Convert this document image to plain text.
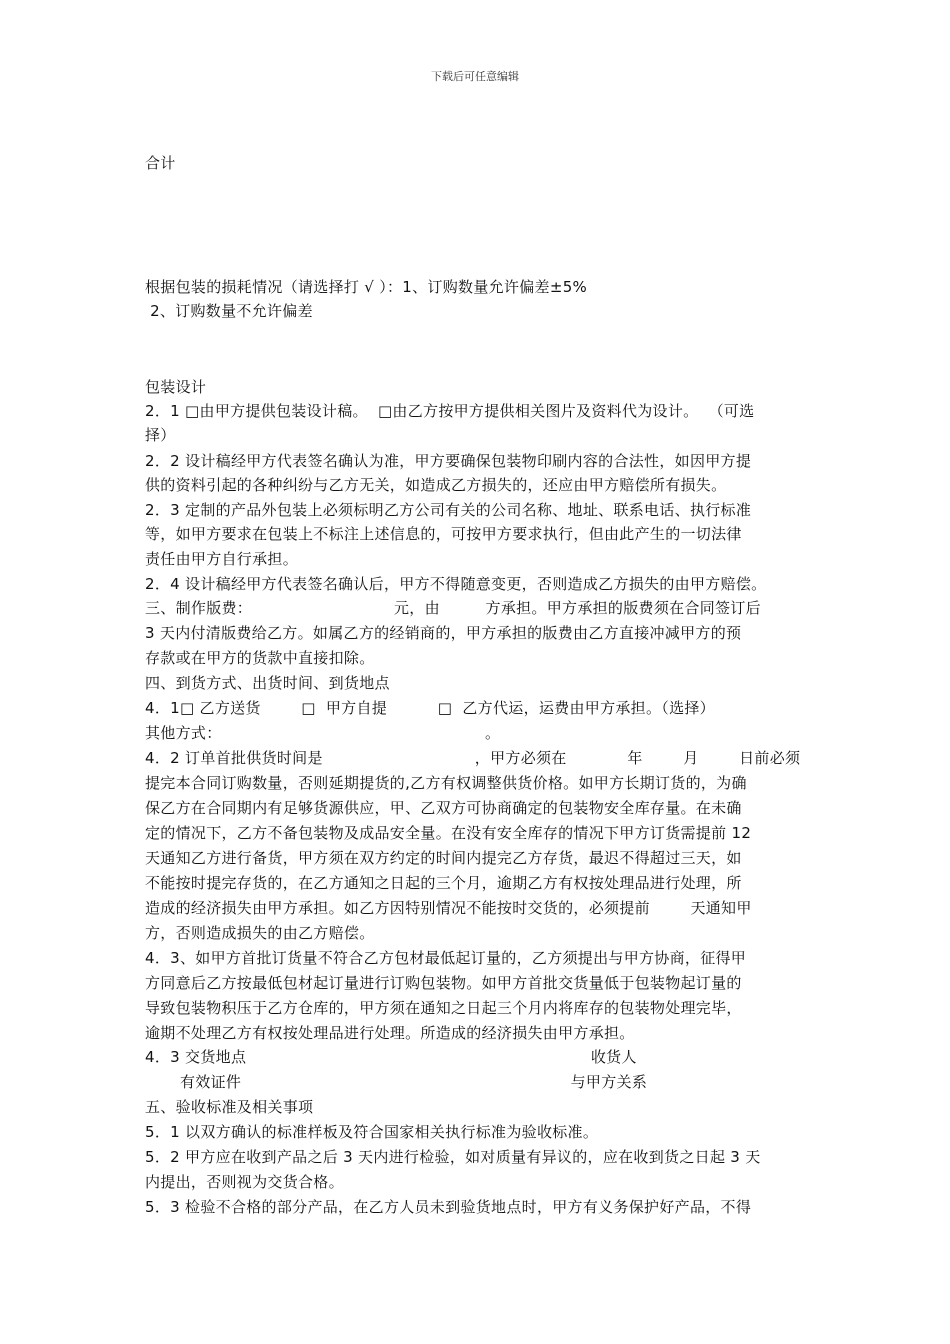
下载后可任意编辑
合计
根据包装的损耗情况（请选择打 √ ）：1、订购数量允许偏差±5%
2、订购数量不允许偏差
包装设计
2．1 □由甲方提供包装设计稿。  □由乙方按甲方提供相关图片及资料代为设计。  （可选
择）
2．2 设计稿经甲方代表签名确认为准，甲方要确保包装物印刷内容的合法性，如因甲方提
供的资料引起的各种纠纷与乙方无关，如造成乙方损失的，还应由甲方赔偿所有损失。
2．3 定制的产品外包装上必须标明乙方公司有关的公司名称、地址、联系电话、执行标准
等，如甲方要求在包装上不标注上述信息的，可按甲方要求执行，但由此产生的一切法律
责任由甲方自行承担。
2．4 设计稿经甲方代表签名确认后，甲方不得随意变更，否则造成乙方损失的由甲方赔偿。
三、制作版费：                            元，由         方承担。甲方承担的版费须在合同签订后
3 天内付清版费给乙方。如属乙方的经销商的，甲方承担的版费由乙方直接冲减甲方的预
存款或在甲方的货款中直接扣除。
四、到货方式、出货时间、到货地点
4．1□ 乙方送货        □  甲方自提          □  乙方代运，运费由甲方承担。（选择）
其他方式：                                                    。
4．2 订单首批供货时间是                              ，甲方必须在            年        月        日前必须
提完本合同订购数量，否则延期提货的,乙方有权调整供货价格。如甲方长期订货的，为确
保乙方在合同期内有足够货源供应，甲、乙双方可协商确定的包装物安全库存量。在未确
定的情况下，乙方不备包装物及成品安全量。在没有安全库存的情况下甲方订货需提前 12
天通知乙方进行备货，甲方须在双方约定的时间内提完乙方存货，最迟不得超过三天，如
不能按时提完存货的，在乙方通知之日起的三个月，逾期乙方有权按处理品进行处理，所
造成的经济损失由甲方承担。如乙方因特别情况不能按时交货的，必须提前        天通知甲
方，否则造成损失的由乙方赔偿。
4．3、如甲方首批订货量不符合乙方包材最低起订量的，乙方须提出与甲方协商，征得甲
方同意后乙方按最低包材起订量进行订购包装物。如甲方首批交货量低于包装物起订量的
导致包装物积压于乙方仓库的，甲方须在通知之日起三个月内将库存的包装物处理完毕，
逾期不处理乙方有权按处理品进行处理。所造成的经济损失由甲方承担。
4．3 交货地点                                                                    收货人
有效证件                                                                 与甲方关系
五、验收标准及相关事项
5．1 以双方确认的标准样板及符合国家相关执行标准为验收标准。
5．2 甲方应在收到产品之后 3 天内进行检验，如对质量有异议的，应在收到货之日起 3 天
内提出，否则视为交货合格。
5．3 检验不合格的部分产品，在乙方人员未到验货地点时，甲方有义务保护好产品，不得
